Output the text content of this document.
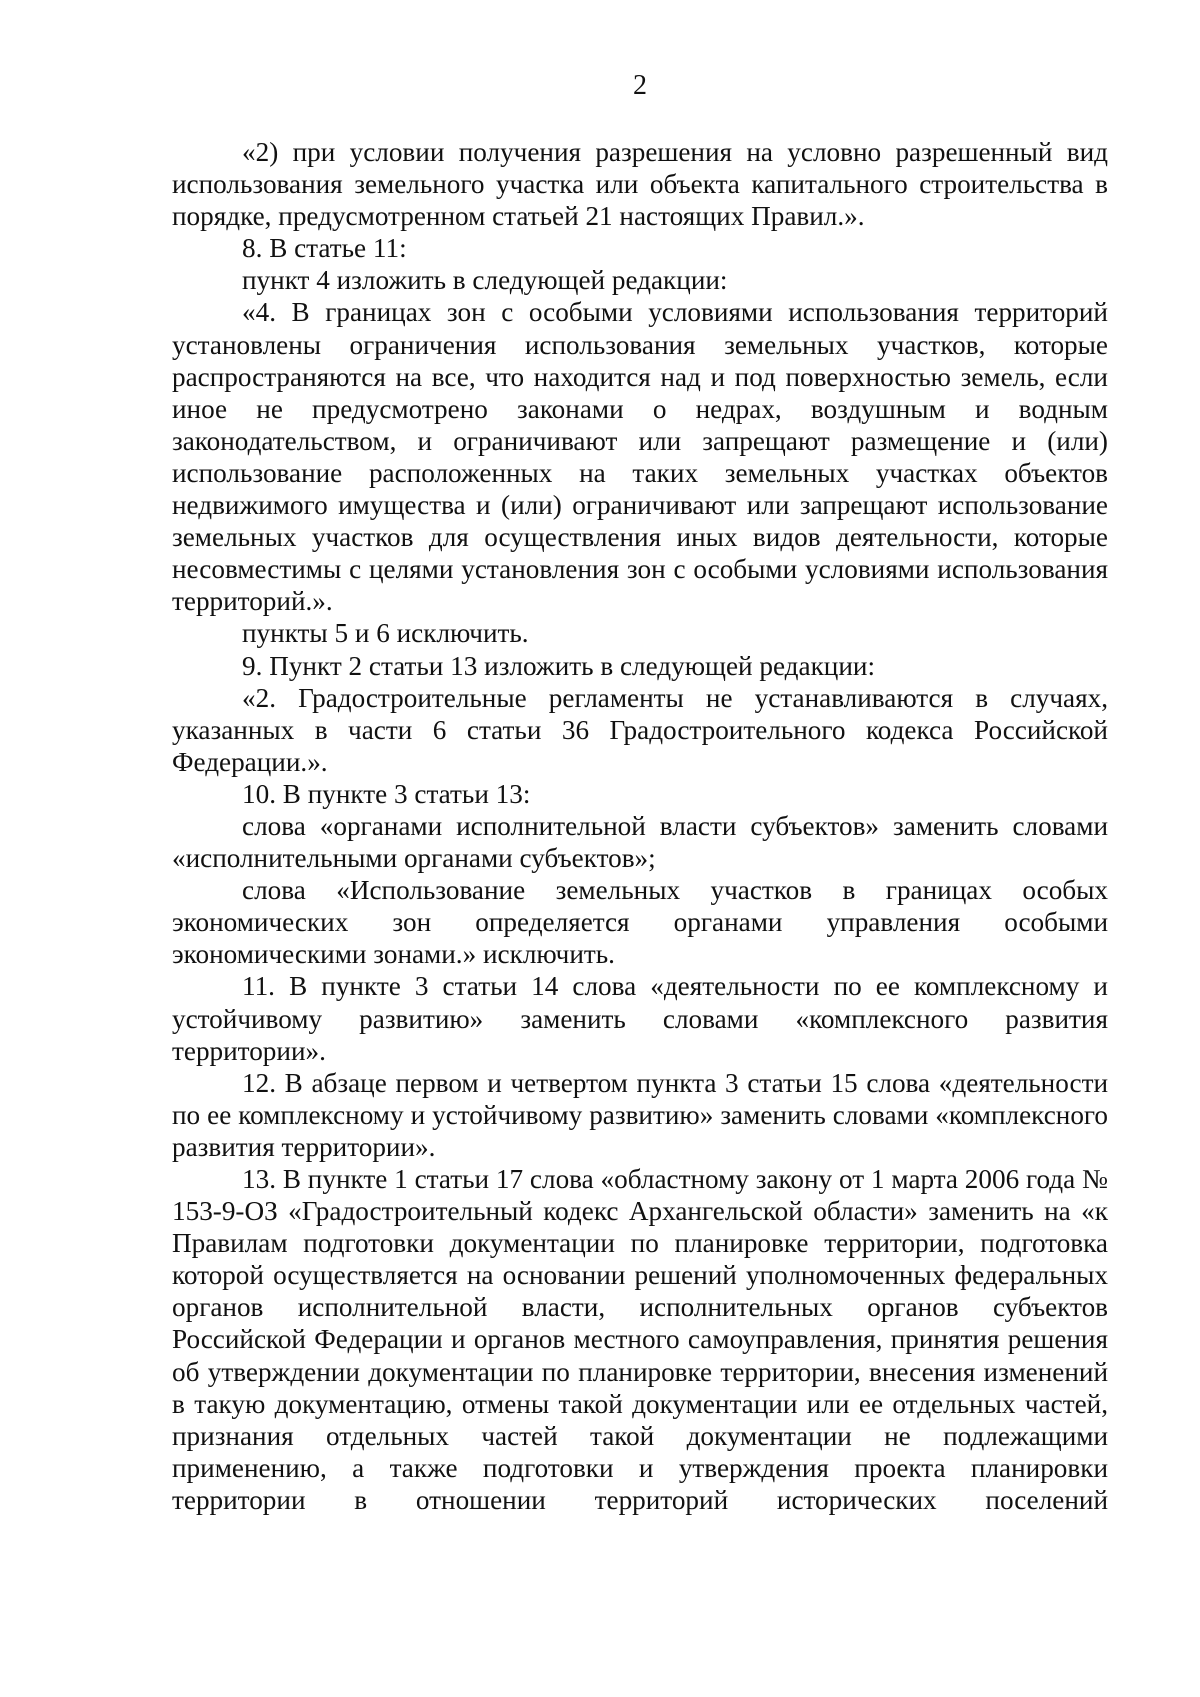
2

«2) при условии получения разрешения на условно разрешенный вид использования земельного участка или объекта капитального строительства в порядке, предусмотренном статьей 21 настоящих Правил.».

8. В статье 11:

пункт 4 изложить в следующей редакции:

«4. В границах зон с особыми условиями использования территорий установлены ограничения использования земельных участков, которые распространяются на все, что находится над и под поверхностью земель, если иное не предусмотрено законами о недрах, воздушным и водным законодательством, и ограничивают или запрещают размещение и (или) использование расположенных на таких земельных участках объектов недвижимого имущества и (или) ограничивают или запрещают использование земельных участков для осуществления иных видов деятельности, которые несовместимы с целями установления зон с особыми условиями использования территорий.».

пункты 5 и 6 исключить.

9. Пункт 2 статьи 13 изложить в следующей редакции:

«2. Градостроительные регламенты не устанавливаются в случаях, указанных в части 6 статьи 36 Градостроительного кодекса Российской Федерации.».

10. В пункте 3 статьи 13:

слова «органами исполнительной власти субъектов» заменить словами «исполнительными органами субъектов»;

слова «Использование земельных участков в границах особых экономических зон определяется органами управления особыми экономическими зонами.» исключить.

11. В пункте 3 статьи 14 слова «деятельности по ее комплексному и устойчивому развитию» заменить словами «комплексного развития территории».

12. В абзаце первом и четвертом пункта 3 статьи 15 слова «деятельности по ее комплексному и устойчивому развитию» заменить словами «комплексного развития территории».

13. В пункте 1 статьи 17 слова «областному закону от 1 марта 2006 года № 153-9-ОЗ «Градостроительный кодекс Архангельской области» заменить на «к Правилам подготовки документации по планировке территории, подготовка которой осуществляется на основании решений уполномоченных федеральных органов исполнительной власти, исполнительных органов субъектов Российской Федерации и органов местного самоуправления, принятия решения об утверждении документации по планировке территории, внесения изменений в такую документацию, отмены такой документации или ее отдельных частей, признания отдельных частей такой документации не подлежащими применению, а также подготовки и утверждения проекта планировки территории в отношении территорий исторических поселений
